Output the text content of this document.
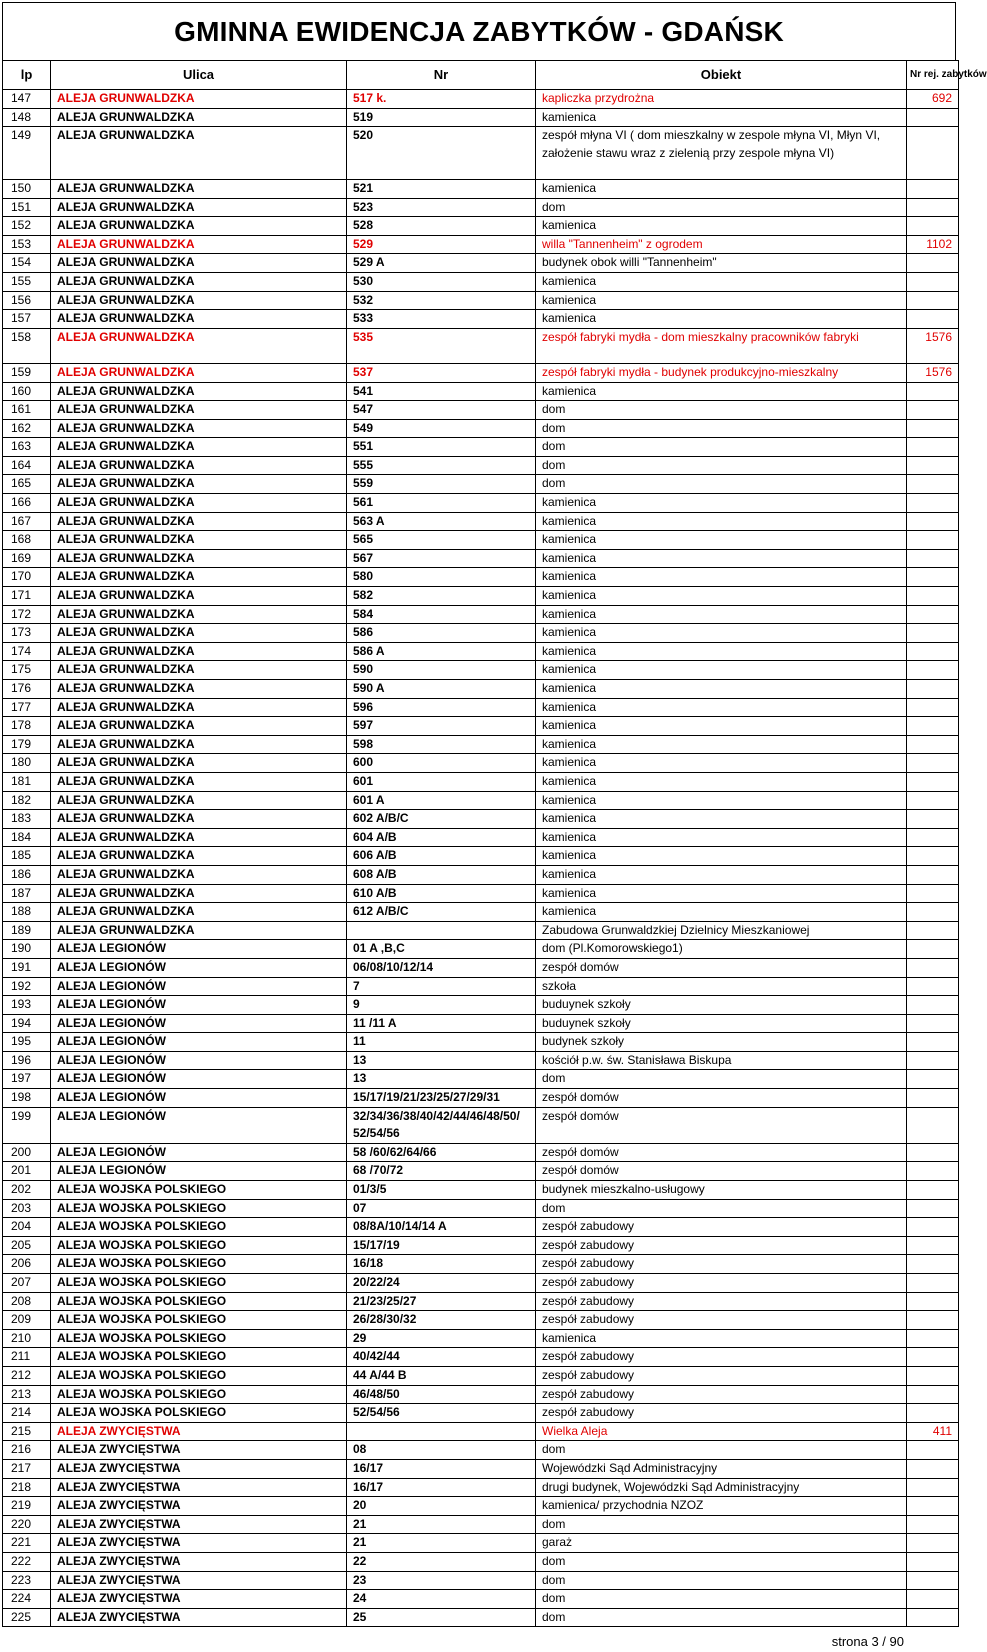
GMINNA EWIDENCJA ZABYTKÓW - GDAŃSK
lp	Ulica	Nr	Obiekt	Nr rej. zabytków
147	ALEJA GRUNWALDZKA	517 k.	kapliczka przydrożna	692
148	ALEJA GRUNWALDZKA	519	kamienica	
149	ALEJA GRUNWALDZKA	520	zespół młyna VI ( dom mieszkalny w zespole młyna VI, Młyn VI, założenie stawu wraz z zielenią przy zespole młyna VI)	
150	ALEJA GRUNWALDZKA	521	kamienica	
151	ALEJA GRUNWALDZKA	523	dom	
152	ALEJA GRUNWALDZKA	528	kamienica	
153	ALEJA GRUNWALDZKA	529	willa "Tannenheim" z ogrodem	1102
154	ALEJA GRUNWALDZKA	529 A	budynek obok willi "Tannenheim"	
155	ALEJA GRUNWALDZKA	530	kamienica	
156	ALEJA GRUNWALDZKA	532	kamienica	
157	ALEJA GRUNWALDZKA	533	kamienica	
158	ALEJA GRUNWALDZKA	535	zespół fabryki mydła - dom mieszkalny pracowników fabryki	1576
159	ALEJA GRUNWALDZKA	537	zespół fabryki mydła - budynek produkcyjno-mieszkalny	1576
160	ALEJA GRUNWALDZKA	541	kamienica	
161	ALEJA GRUNWALDZKA	547	dom	
162	ALEJA GRUNWALDZKA	549	dom	
163	ALEJA GRUNWALDZKA	551	dom	
164	ALEJA GRUNWALDZKA	555	dom	
165	ALEJA GRUNWALDZKA	559	dom	
166	ALEJA GRUNWALDZKA	561	kamienica	
167	ALEJA GRUNWALDZKA	563 A	kamienica	
168	ALEJA GRUNWALDZKA	565	kamienica	
169	ALEJA GRUNWALDZKA	567	kamienica	
170	ALEJA GRUNWALDZKA	580	kamienica	
171	ALEJA GRUNWALDZKA	582	kamienica	
172	ALEJA GRUNWALDZKA	584	kamienica	
173	ALEJA GRUNWALDZKA	586	kamienica	
174	ALEJA GRUNWALDZKA	586 A	kamienica	
175	ALEJA GRUNWALDZKA	590	kamienica	
176	ALEJA GRUNWALDZKA	590 A	kamienica	
177	ALEJA GRUNWALDZKA	596	kamienica	
178	ALEJA GRUNWALDZKA	597	kamienica	
179	ALEJA GRUNWALDZKA	598	kamienica	
180	ALEJA GRUNWALDZKA	600	kamienica	
181	ALEJA GRUNWALDZKA	601	kamienica	
182	ALEJA GRUNWALDZKA	601 A	kamienica	
183	ALEJA GRUNWALDZKA	602 A/B/C	kamienica	
184	ALEJA GRUNWALDZKA	604 A/B	kamienica	
185	ALEJA GRUNWALDZKA	606 A/B	kamienica	
186	ALEJA GRUNWALDZKA	608 A/B	kamienica	
187	ALEJA GRUNWALDZKA	610 A/B	kamienica	
188	ALEJA GRUNWALDZKA	612 A/B/C	kamienica	
189	ALEJA GRUNWALDZKA		Zabudowa Grunwaldzkiej Dzielnicy Mieszkaniowej	
190	ALEJA LEGIONÓW	01 A ,B,C	dom (Pl.Komorowskiego1)	
191	ALEJA LEGIONÓW	06/08/10/12/14	zespół domów	
192	ALEJA LEGIONÓW	7	szkoła	
193	ALEJA LEGIONÓW	9	buduynek szkoły	
194	ALEJA LEGIONÓW	11 /11 A	buduynek szkoły	
195	ALEJA LEGIONÓW	11	budynek szkoły	
196	ALEJA LEGIONÓW	13	kościół p.w. św. Stanisława Biskupa	
197	ALEJA LEGIONÓW	13	dom	
198	ALEJA LEGIONÓW	15/17/19/21/23/25/27/29/31	zespół domów	
199	ALEJA LEGIONÓW	32/34/36/38/40/42/44/46/48/50/ 52/54/56	zespół domów	
200	ALEJA LEGIONÓW	58 /60/62/64/66	zespół domów	
201	ALEJA LEGIONÓW	68 /70/72	zespół domów	
202	ALEJA WOJSKA POLSKIEGO	01/3/5	budynek mieszkalno-usługowy	
203	ALEJA WOJSKA POLSKIEGO	07	dom	
204	ALEJA WOJSKA POLSKIEGO	08/8A/10/14/14 A	zespół zabudowy	
205	ALEJA WOJSKA POLSKIEGO	15/17/19	zespół zabudowy	
206	ALEJA WOJSKA POLSKIEGO	16/18	zespół zabudowy	
207	ALEJA WOJSKA POLSKIEGO	20/22/24	zespół zabudowy	
208	ALEJA WOJSKA POLSKIEGO	21/23/25/27	zespół zabudowy	
209	ALEJA WOJSKA POLSKIEGO	26/28/30/32	zespół zabudowy	
210	ALEJA WOJSKA POLSKIEGO	29	kamienica	
211	ALEJA WOJSKA POLSKIEGO	40/42/44	zespół zabudowy	
212	ALEJA WOJSKA POLSKIEGO	44 A/44 B	zespół zabudowy	
213	ALEJA WOJSKA POLSKIEGO	46/48/50	zespół zabudowy	
214	ALEJA WOJSKA POLSKIEGO	52/54/56	zespół zabudowy	
215	ALEJA ZWYCIĘSTWA		Wielka Aleja	411
216	ALEJA ZWYCIĘSTWA	08	dom	
217	ALEJA ZWYCIĘSTWA	16/17	Wojewódzki Sąd Administracyjny	
218	ALEJA ZWYCIĘSTWA	16/17	drugi budynek, Wojewódzki Sąd Administracyjny	
219	ALEJA ZWYCIĘSTWA	20	kamienica/ przychodnia NZOZ	
220	ALEJA ZWYCIĘSTWA	21	dom	
221	ALEJA ZWYCIĘSTWA	21	garaż	
222	ALEJA ZWYCIĘSTWA	22	dom	
223	ALEJA ZWYCIĘSTWA	23	dom	
224	ALEJA ZWYCIĘSTWA	24	dom	
225	ALEJA ZWYCIĘSTWA	25	dom	
strona 3 / 90
